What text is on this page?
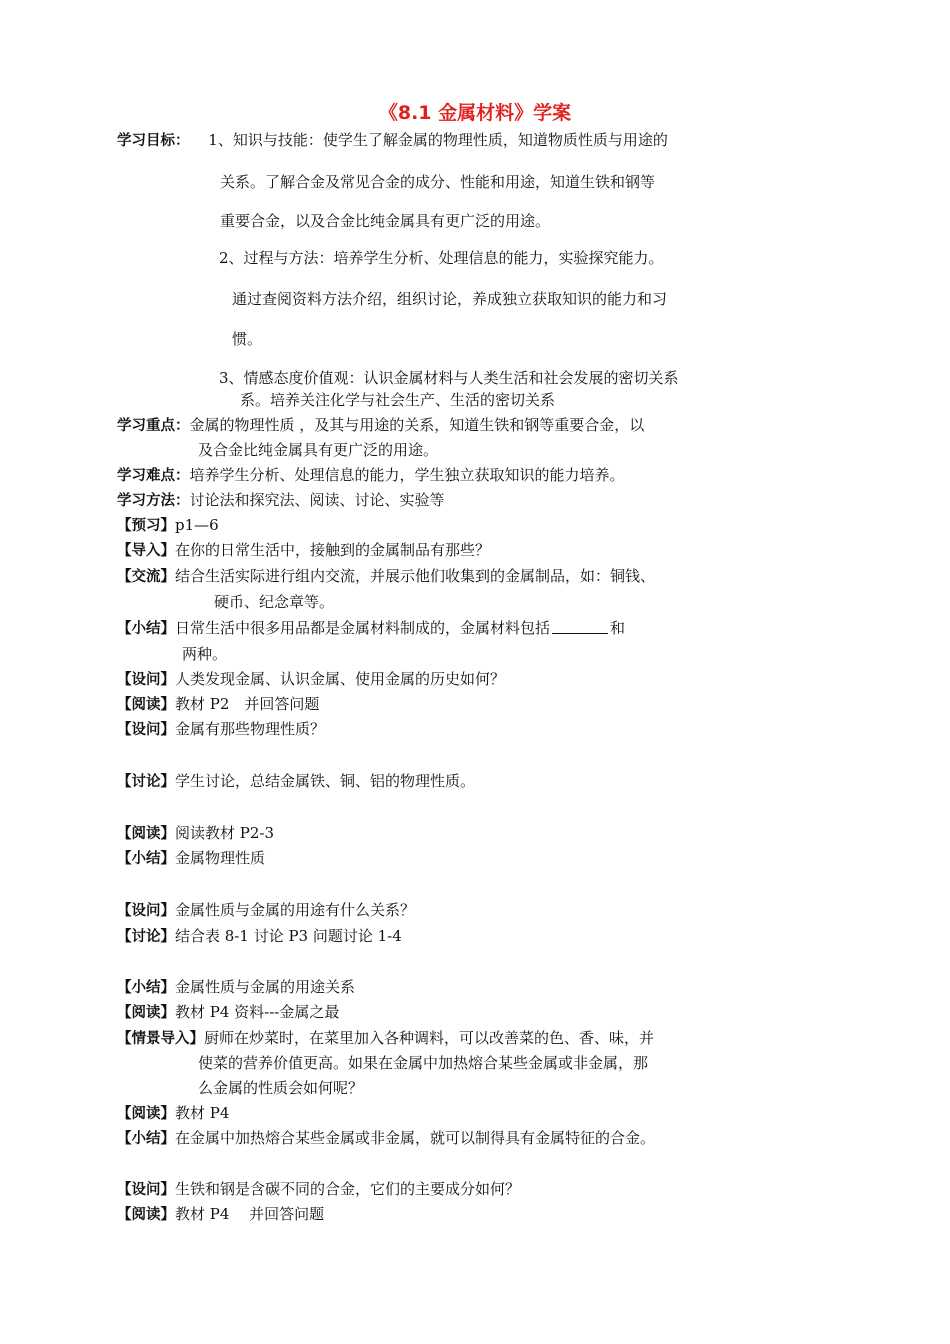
《8.1 金属材料》学案
学习目标： 1、知识与技能：使学生了解金属的物理性质，知道物质性质与用途的
关系。了解合金及常见合金的成分、性能和用途，知道生铁和钢等
重要合金，以及合金比纯金属具有更广泛的用途。
2、过程与方法：培养学生分析、处理信息的能力，实验探究能力。
通过查阅资料方法介绍，组织讨论，养成独立获取知识的能力和习
惯。
3、情感态度价值观：认识金属材料与人类生活和社会发展的密切关系
系。培养关注化学与社会生产、生活的密切关系
学习重点：金属的物理性质 ，及其与用途的关系，知道生铁和钢等重要合金，以
及合金比纯金属具有更广泛的用途。
学习难点：培养学生分析、处理信息的能力，学生独立获取知识的能力培养。
学习方法：讨论法和探究法、阅读、讨论、实验等
【预习】p1—6
【导入】在你的日常生活中，接触到的金属制品有那些？
【交流】结合生活实际进行组内交流，并展示他们收集到的金属制品，如：铜钱、
硬币、纪念章等。
【小结】日常生活中很多用品都是金属材料制成的，金属材料包括	和
两种。
【设问】人类发现金属、认识金属、使用金属的历史如何？
【阅读】教材 P2　并回答问题
【设问】金属有那些物理性质？
【讨论】学生讨论，总结金属铁、铜、铝的物理性质。
【阅读】阅读教材 P2-3
【小结】金属物理性质
【设问】金属性质与金属的用途有什么关系？
【讨论】结合表 8-1 讨论 P3 问题讨论 1-4
【小结】金属性质与金属的用途关系
【阅读】教材 P4 资料---金属之最
【情景导入】厨师在炒菜时，在菜里加入各种调料，可以改善菜的色、香、味，并
使菜的营养价值更高。如果在金属中加热熔合某些金属或非金属，那
么金属的性质会如何呢？
【阅读】教材 P4
【小结】在金属中加热熔合某些金属或非金属，就可以制得具有金属特征的合金。
【设问】生铁和钢是含碳不同的合金，它们的主要成分如何？
【阅读】教材 P4 　并回答问题
